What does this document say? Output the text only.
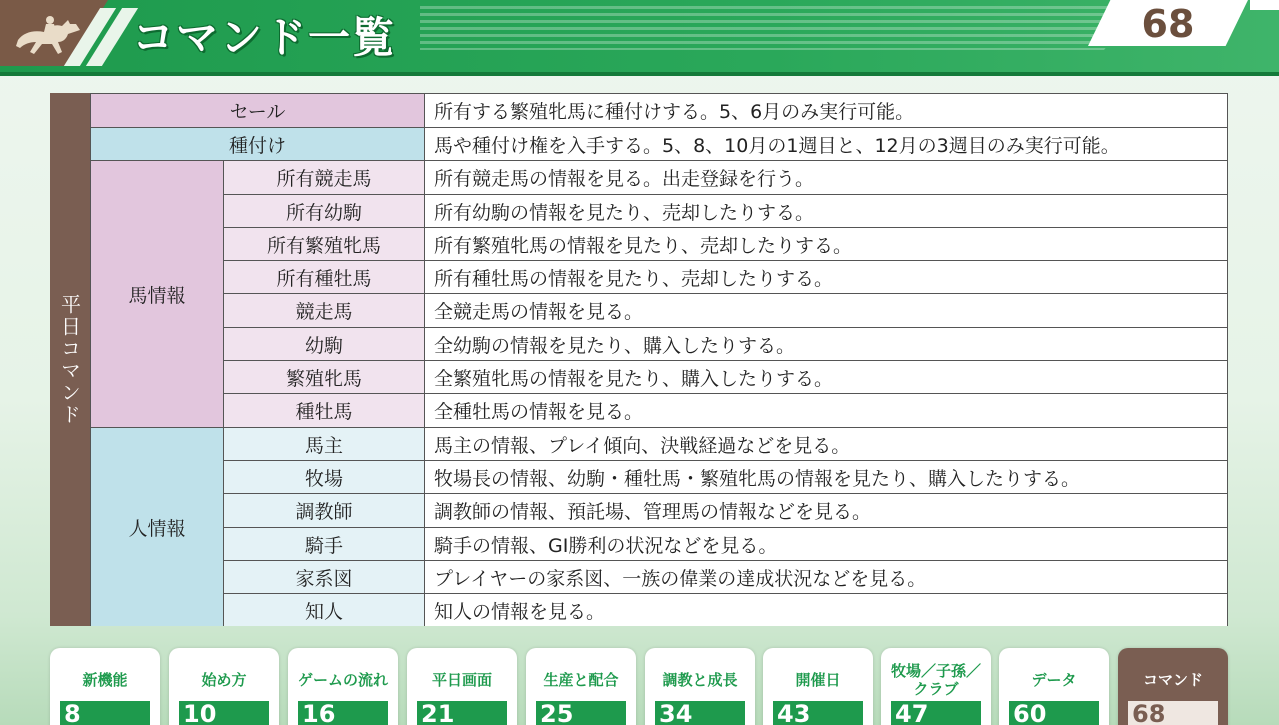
コマンド一覧	68
平日コマンド
セール	所有する繁殖牝馬に種付けする。5、6月のみ実行可能。
種付け	馬や種付け権を入手する。5、8、10月の1週目と、12月の3週目のみ実行可能。
馬情報
所有競走馬	所有競走馬の情報を見る。出走登録を行う。
所有幼駒	所有幼駒の情報を見たり、売却したりする。
所有繁殖牝馬	所有繁殖牝馬の情報を見たり、売却したりする。
所有種牡馬	所有種牡馬の情報を見たり、売却したりする。
競走馬	全競走馬の情報を見る。
幼駒	全幼駒の情報を見たり、購入したりする。
繁殖牝馬	全繁殖牝馬の情報を見たり、購入したりする。
種牡馬	全種牡馬の情報を見る。
人情報
馬主	馬主の情報、プレイ傾向、決戦経過などを見る。
牧場	牧場長の情報、幼駒・種牡馬・繁殖牝馬の情報を見たり、購入したりする。
調教師	調教師の情報、預託場、管理馬の情報などを見る。
騎手	騎手の情報、GⅠ勝利の状況などを見る。
家系図	プレイヤーの家系図、一族の偉業の達成状況などを見る。
知人	知人の情報を見る。
新機能
8
始め方
10
ゲームの流れ
16
平日画面
21
生産と配合
25
調教と成長
34
開催日
43
牧場／子孫／クラブ
47
データ
60
コマンド
68
